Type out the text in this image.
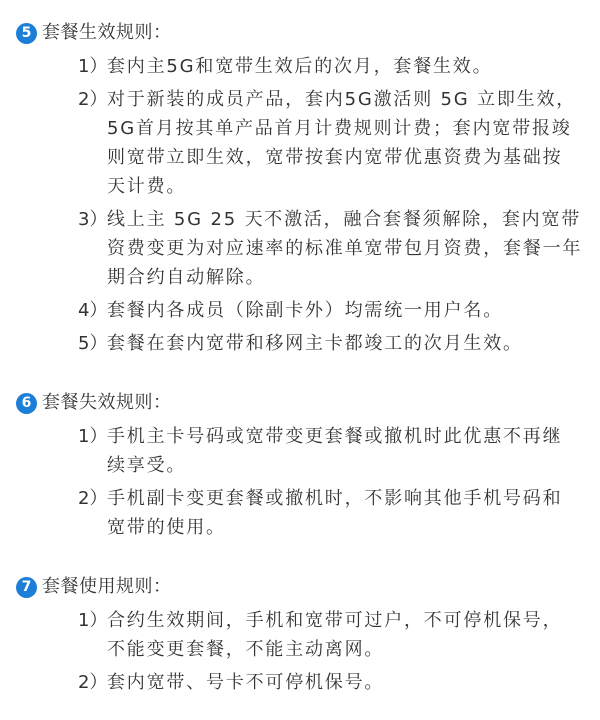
5 套餐生效规则：
1） 套内主5G和宽带生效后的次月，套餐生效。
2） 对于新装的成员产品，套内5G激活则 5G 立即生效，
5G首月按其单产品首月计费规则计费；套内宽带报竣
则宽带立即生效，宽带按套内宽带优惠资费为基础按
天计费。
3） 线上主 5G 25 天不激活，融合套餐须解除，套内宽带
资费变更为对应速率的标准单宽带包月资费，套餐一年
期合约自动解除。
4） 套餐内各成员（除副卡外）均需统一用户名。
5） 套餐在套内宽带和移网主卡都竣工的次月生效。
6 套餐失效规则：
1） 手机主卡号码或宽带变更套餐或撤机时此优惠不再继
续享受。
2） 手机副卡变更套餐或撤机时，不影响其他手机号码和
宽带的使用。
7 套餐使用规则：
1） 合约生效期间，手机和宽带可过户，不可停机保号，
不能变更套餐，不能主动离网。
2） 套内宽带、号卡不可停机保号。
